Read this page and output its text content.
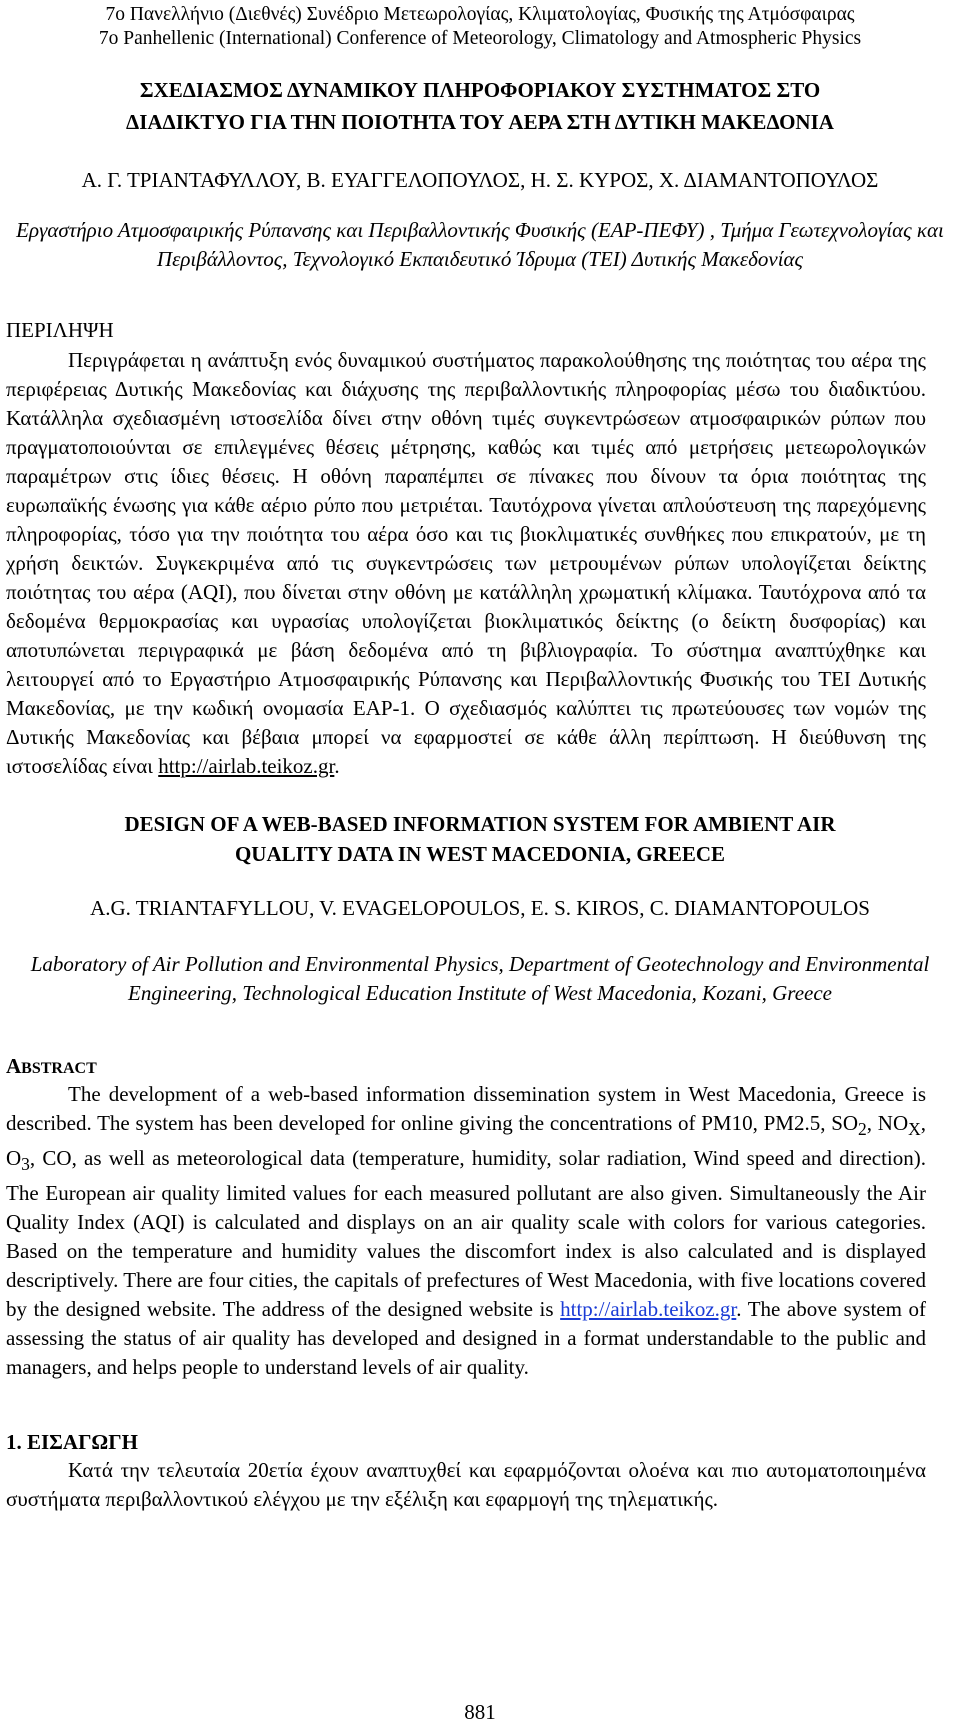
7ο Πανελλήνιο (Διεθνές) Συνέδριο Μετεωρολογίας, Κλιματολογίας, Φυσικής της Ατμόσφαιρας
7ο Panhellenic (International) Conference of Meteorology, Climatology and Atmospheric Physics
ΣΧΕΔΙΑΣΜΟΣ ΔΥΝΑΜΙΚΟΥ ΠΛΗΡΟΦΟΡΙΑΚΟΥ ΣΥΣΤΗΜΑΤΟΣ ΣΤΟ
ΔΙΑΔΙΚΤΥΟ ΓΙΑ ΤΗΝ ΠΟΙΟΤΗΤΑ ΤΟΥ ΑΕΡΑ ΣΤΗ ΔΥΤΙΚΗ ΜΑΚΕΔΟΝΙΑ
Α. Γ. ΤΡΙΑΝΤΑΦΥΛΛΟΥ, Β. ΕΥΑΓΓΕΛΟΠΟΥΛΟΣ, Η. Σ. ΚΥΡΟΣ, Χ. ΔΙΑΜΑΝΤΟΠΟΥΛΟΣ
Εργαστήριο Ατμοσφαιρικής Ρύπανσης και Περιβαλλοντικής Φυσικής (ΕΑΡ-ΠΕΦΥ) , Τμήμα Γεωτεχνολογίας και Περιβάλλοντος, Τεχνολογικό Εκπαιδευτικό Ίδρυμα (ΤΕΙ) Δυτικής Μακεδονίας
ΠΕΡΙΛΗΨΗ

Περιγράφεται η ανάπτυξη ενός δυναμικού συστήματος παρακολούθησης της ποιότητας του αέρα της περιφέρειας Δυτικής Μακεδονίας και διάχυσης της περιβαλλοντικής πληροφορίας μέσω του διαδικτύου. Κατάλληλα σχεδιασμένη ιστοσελίδα δίνει στην οθόνη τιμές συγκεντρώσεων ατμοσφαιρικών ρύπων που πραγματοποιούνται σε επιλεγμένες θέσεις μέτρησης, καθώς και τιμές από μετρήσεις μετεωρολογικών παραμέτρων στις ίδιες θέσεις. Η οθόνη παραπέμπει σε πίνακες που δίνουν τα όρια ποιότητας της ευρωπαϊκής ένωσης για κάθε αέριο ρύπο που μετριέται. Ταυτόχρονα γίνεται απλούστευση της παρεχόμενης πληροφορίας, τόσο για την ποιότητα του αέρα όσο και τις βιοκλιματικές συνθήκες που επικρατούν, με τη χρήση δεικτών. Συγκεκριμένα από τις συγκεντρώσεις των μετρουμένων ρύπων υπολογίζεται δείκτης ποιότητας του αέρα (AQI), που δίνεται στην οθόνη με κατάλληλη χρωματική κλίμακα. Ταυτόχρονα από τα δεδομένα θερμοκρασίας και υγρασίας υπολογίζεται βιοκλιματικός δείκτης (ο δείκτη δυσφορίας) και αποτυπώνεται περιγραφικά με βάση δεδομένα από τη βιβλιογραφία. Το σύστημα αναπτύχθηκε και λειτουργεί από το Εργαστήριο Ατμοσφαιρικής Ρύπανσης και Περιβαλλοντικής Φυσικής του ΤΕΙ Δυτικής Μακεδονίας, με την κωδική ονομασία ΕΑΡ-1. Ο σχεδιασμός καλύπτει τις πρωτεύουσες των νομών της Δυτικής Μακεδονίας και βέβαια μπορεί να εφαρμοστεί σε κάθε άλλη περίπτωση. Η διεύθυνση της ιστοσελίδας είναι http://airlab.teikoz.gr.

DESIGN OF A WEB-BASED INFORMATION SYSTEM FOR AMBIENT AIR
QUALITY DATA IN WEST MACEDONIA, GREECE
A.G. TRIANTAFYLLOU, V. EVAGELOPOULOS, E. S. KIROS, C. DIAMANTOPOULOS
Laboratory of Air Pollution and Environmental Physics, Department of Geotechnology and Environmental Engineering, Technological Education Institute of West Macedonia, Kozani, Greece
ABSTRACT

The development of a web-based information dissemination system in West Macedonia, Greece is described. The system has been developed for online giving the concentrations of PM10, PM2.5, $SO_2$, $NO_X$, $O_3$, CO, as well as meteorological data (temperature, humidity, solar radiation, Wind speed and direction). The European air quality limited values for each measured pollutant are also given. Simultaneously the Air Quality Index (AQI) is calculated and displays on an air quality scale with colors for various categories. Based on the temperature and humidity values the discomfort index is also calculated and is displayed descriptively. There are four cities, the capitals of prefectures of West Macedonia, with five locations covered by the designed website. The address of the designed website is http://airlab.teikoz.gr. The above system of assessing the status of air quality has developed and designed in a format understandable to the public and managers, and helps people to understand levels of air quality.

1. ΕΙΣΑΓΩΓΗ

Κατά την τελευταία 20ετία έχουν αναπτυχθεί και εφαρμόζονται ολοένα και πιο αυτοματοποιημένα συστήματα περιβαλλοντικού ελέγχου με την εξέλιξη και εφαρμογή της τηλεματικής.

881
